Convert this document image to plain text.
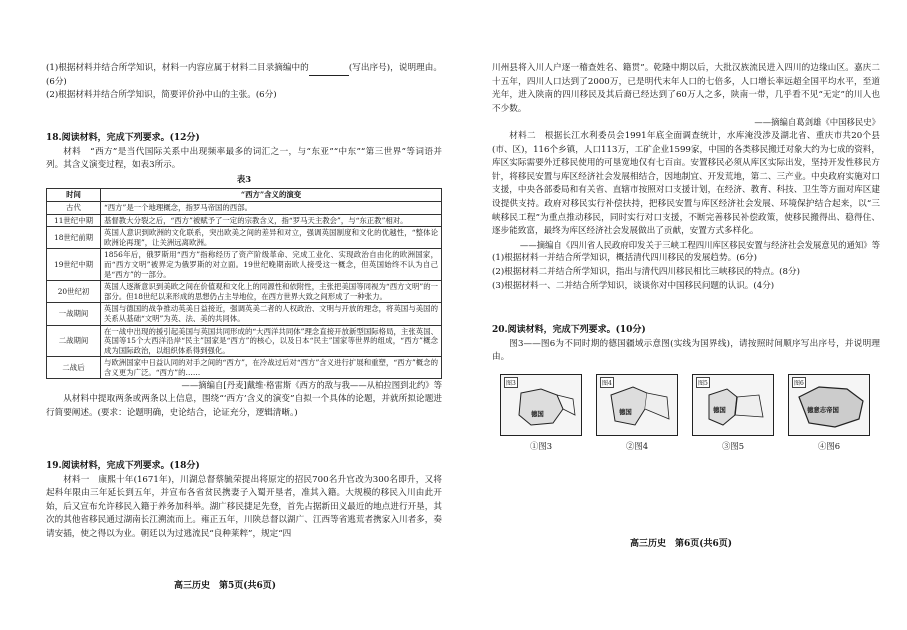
(1)根据材料并结合所学知识，材料一内容应属于材料二目录摘编中的	(写出序号)，说明理由。(6分)
(2)根据材料并结合所学知识，简要评价孙中山的主张。(6分)
18.阅读材料，完成下列要求。(12分)
材料　“西方”是当代国际关系中出现频率最多的词汇之一，与“东亚”“中东”“第三世界”等词语并列。其含义演变过程，如表3所示。
表3
时间	“西方”含义的演变
古代	“西方”是一个地理概念，指罗马帝国的西部。
11世纪中期	基督教大分裂之后，“西方”被赋予了一定的宗教含义，指“罗马天主教会”，与“东正教”相对。
18世纪前期	英国人意识到欧洲的文化联系，突出欧美之间的差异和对立，强调英国制度和文化的优越性，“整体论欧洲论再现”，让关洲远离欧洲。
19世纪中期	1856年后，俄罗斯用“西方”指称经历了资产阶级革命、完成工业化、实现政治自由化的欧洲国家，而“西方文明”被界定为俄罗斯的对立面。19世纪晚期南欧人接受这一概念，但英国始终不认为自己是“西方”的一部分。
20世纪初	英国人逐渐意识到美欧之间在价值观和文化上的同源性和依附性，主张把美国等同视为“西方文明”的一部分。但18世纪以来形成的思想仍占主导地位，在西方世界大致之间形成了一种张力。
一战期间	英国与德国的战争推动英美日益接近，强调英美二者的人权政治、文明与开放的理念，将英国与美国的关系从基础“文明”为英、法、美的共同体。
二战期间	在一战中出现的援引起美国与英国共同形成的“大西洋共同体”理念直接开放新型国际格局，主张英国、英国等15个大西洋沿岸“民主”国家是“西方”的核心，以及日本“民主”国家等世界的组成，“西方”概念成为国际政治，以组织体系得到强化。
二战后	与欧洲国家中日益认同的对手之间的“西方”，在冷战过后对“西方”含义进行扩展和重塑，“西方”概念的含义更为广泛。“西方”的……
——摘编自[丹麦]戴维·格雷斯《西方的敌与我——从柏拉图到北约》等
从材料中提取两条或两条以上信息，围绕“‘西方’含义的演变”自拟一个具体的论题，并就所拟论题进行简要阐述。(要求：论题明确，史论结合，论证充分，逻辑清晰。)
19.阅读材料，完成下列要求。(18分)
材料一　康熙十年(1671年)，川湖总督蔡毓荣提出将原定的招民700名升官改为300名即升，又将起科年限由三年延长到五年，并宣布各省贫民携妻子入蜀开垦者，准其入籍。大规模的移民入川由此开始，后又宣布允许移民入籍于养务加科举。湖广移民捷足先登，首先占据新田义最近的地点进行开垦，其次的其他省移民通过湖南长江溯流而上。雍正五年，川陕总督以湖广、江西等省逃荒者携家入川者多，奏请安插，使之得以为业。朝廷以为过逃流民“良种莱粹”，规定“四
高三历史　第5页(共6页)
川州县将入川人户逐一稽查姓名、籍贯”。乾隆中期以后，大批汉族流民进入四川的边缘山区。嘉庆二十五年，四川人口达到了2000万，已是明代末年人口的七倍多，人口增长率远超全国平均水平，至道光年，进入陕南的四川移民及其后裔已经达到了60万人之多，陕南一带，几乎看不见“无定”的川人也不少数。
——摘编自葛剑雄《中国移民史》
材料二　根据长江水利委员会1991年底全面调查统计，水库淹没涉及湖北省、重庆市共20个县(市、区)，116个乡镇，人口113万，工矿企业1599家，中国的各类移民搬迁对象大约为七成的资料，库区实际需要外迁移民使用的可垦宽地仅有七百亩。安置移民必须从库区实际出发，坚持开发性移民方针，将移民安置与库区经济社会发展相结合，因地制宜、开发荒地，第二、三产业。中央政府实施对口支援，中央各部委局和有关省、直辖市按照对口支援计划，在经济、教育、科技、卫生等方面对库区建设提供支持。政府对移民实行补偿扶持，把移民安置与库区经济社会发展、环境保护结合起来，以“三峡移民工程”为重点推动移民，同时实行对口支援，不断完善移民补偿政策，使移民搬得出、稳得住、逐步能致富，最终为库区经济社会发展做出了贡献，安置方式多样化。
——摘编自《四川省人民政府印发关于三峡工程四川库区移民安置与经济社会发展意见的通知》等
(1)根据材料一并结合所学知识，概括清代四川移民的发展趋势。(6分)
(2)根据材料二并结合所学知识，指出与清代四川移民相比三峡移民的特点。(8分)
(3)根据材料一、二并结合所学知识，谈谈你对中国移民问题的认识。(4分)
20.阅读材料，完成下列要求。(10分)
图3——图6为不同时期的德国疆域示意图(实线为国界线)，请按照时间顺序写出序号，并说明理由。
图3
德国
①图3
图4
德国
②图4
图5
德国
③图5
图6
德意志帝国
④图6
高三历史　第6页(共6页)
